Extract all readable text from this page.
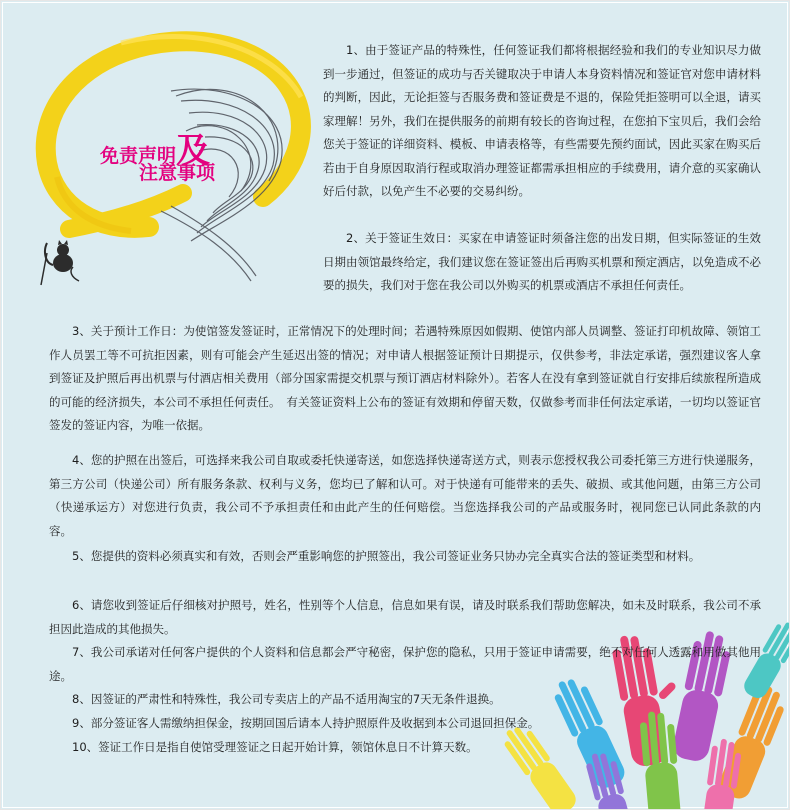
免责声明及
注意事项

1、由于签证产品的特殊性，任何签证我们都将根据经验和我们的专业知识尽力做到一步通过，但签证的成功与否关键取决于申请人本身资料情况和签证官对您申请材料的判断，因此，无论拒签与否服务费和签证费是不退的，保险凭拒签明可以全退，请买家理解！另外，我们在提供服务的前期有较长的咨询过程，在您拍下宝贝后，我们会给您关于签证的详细资料、模板、申请表格等，有些需要先预约面试，因此买家在购买后若由于自身原因取消行程或取消办理签证都需承担相应的手续费用，请介意的买家确认好后付款，以免产生不必要的交易纠纷。

2、关于签证生效日：买家在申请签证时须备注您的出发日期，但实际签证的生效日期由领馆最终给定，我们建议您在签证签出后再购买机票和预定酒店，以免造成不必要的损失，我们对于您在我公司以外购买的机票或酒店不承担任何责任。

3、关于预计工作日：为使馆签发签证时，正常情况下的处理时间；若遇特殊原因如假期、使馆内部人员调整、签证打印机故障、领馆工作人员罢工等不可抗拒因素，则有可能会产生延迟出签的情况；对申请人根据签证预计日期提示，仅供参考，非法定承诺，强烈建议客人拿到签证及护照后再出机票与付酒店相关费用（部分国家需提交机票与预订酒店材料除外）。若客人在没有拿到签证就自行安排后续旅程所造成的可能的经济损失，本公司不承担任何责任。　有关签证资料上公布的签证有效期和停留天数，仅做参考而非任何法定承诺，一切均以签证官签发的签证内容，为唯一依据。

4、您的护照在出签后，可选择来我公司自取或委托快递寄送，如您选择快递寄送方式，则表示您授权我公司委托第三方进行快递服务，第三方公司（快递公司）所有服务条款、权利与义务，您均已了解和认可。对于快递有可能带来的丢失、破损、或其他问题，由第三方公司（快递承运方）对您进行负责，我公司不予承担责任和由此产生的任何赔偿。当您选择我公司的产品或服务时，视同您已认同此条款的内容。

5、您提供的资料必须真实和有效，否则会严重影响您的护照签出，我公司签证业务只协办完全真实合法的签证类型和材料。

6、请您收到签证后仔细核对护照号，姓名，性别等个人信息，信息如果有误，请及时联系我们帮助您解决，如未及时联系，我公司不承担因此造成的其他损失。

7、我公司承诺对任何客户提供的个人资料和信息都会严守秘密，保护您的隐私，只用于签证申请需要，绝不对任何人透露和用做其他用途。

8、因签证的严肃性和特殊性，我公司专卖店上的产品不适用淘宝的7天无条件退换。

9、部分签证客人需缴纳担保金，按期回国后请本人持护照原件及收据到本公司退回担保金。

10、签证工作日是指自使馆受理签证之日起开始计算，领馆休息日不计算天数。
